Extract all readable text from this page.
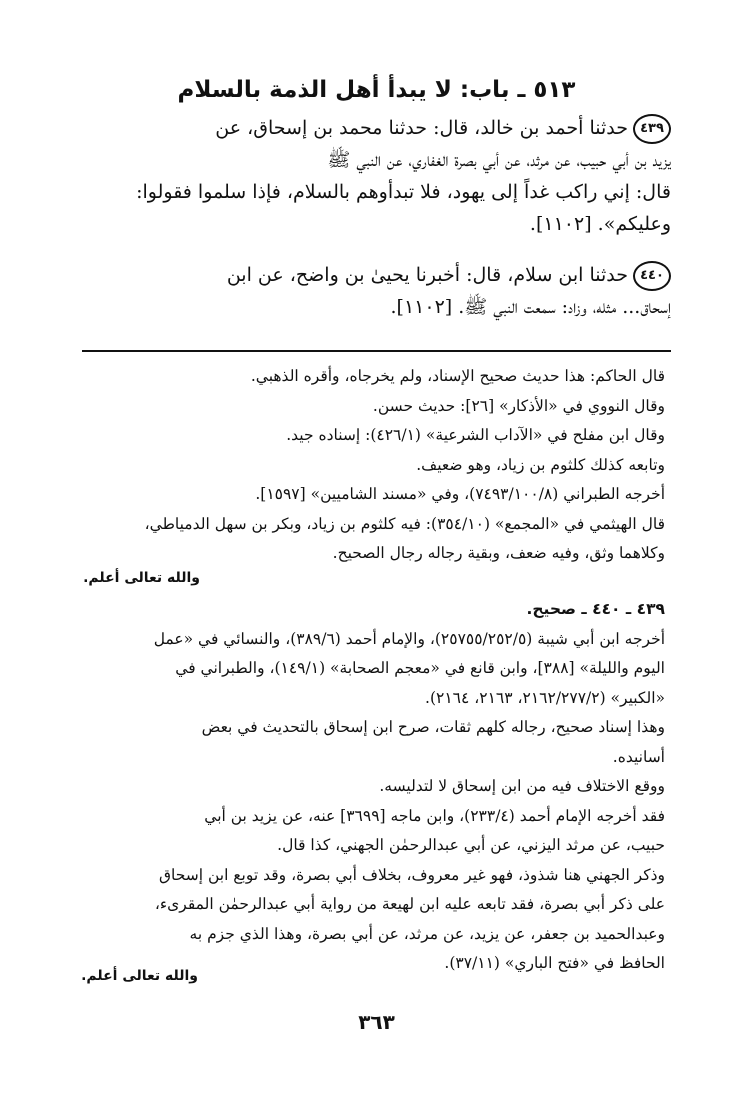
٥١٣ ـ باب: لا يبدأ أهل الذمة بالسلام
٤٣٩حدثنا أحمد بن خالد، قال: حدثنا محمد بن إسحاق، عن
يزيد بن أبي حبيب، عن مرثد، عن أبي بصرة الغفاري، عن النبي ﷺ
قال: إني راكب غداً إلى يهود، فلا تبدأوهم بالسلام، فإذا سلموا فقولوا:
وعليكم». [١١٠٢].
٤٤٠حدثنا ابن سلام، قال: أخبرنا يحيىٰ بن واضح، عن ابن
إسحاق... مثله، وزاد: سمعت النبي ﷺ. [١١٠٢].
قال الحاكم: هذا حديث صحيح الإسناد، ولم يخرجاه، وأقره الذهبي.
وقال النووي في «الأذكار» [٢٦]: حديث حسن.
وقال ابن مفلح في «الآداب الشرعية» (٤٢٦/١): إسناده جيد.
وتابعه كذلك كلثوم بن زياد، وهو ضعيف.
أخرجه الطبراني (٧٤٩٣/١٠٠/٨)، وفي «مسند الشاميين» [١٥٩٧].
قال الهيثمي في «المجمع» (٣٥٤/١٠): فيه كلثوم بن زياد، وبكر بن سهل الدمياطي،
وكلاهما وثق، وفيه ضعف، وبقية رجاله رجال الصحيح.
والله تعالى أعلم.
٤٣٩ ـ ٤٤٠ ـ صحيح.
أخرجه ابن أبي شيبة (٢٥٧٥٥/٢٥٢/٥)، والإمام أحمد (٣٨٩/٦)، والنسائي في «عمل
اليوم والليلة» [٣٨٨]، وابن قانع في «معجم الصحابة» (١٤٩/١)، والطبراني في
«الكبير» (٢١٦٢/٢٧٧/٢، ٢١٦٣، ٢١٦٤).
وهذا إسناد صحيح، رجاله كلهم ثقات، صرح ابن إسحاق بالتحديث في بعض
أسانيده.
ووقع الاختلاف فيه من ابن إسحاق لا لتدليسه.
فقد أخرجه الإمام أحمد (٢٣٣/٤)، وابن ماجه [٣٦٩٩] عنه، عن يزيد بن أبي
حبيب، عن مرثد اليزني، عن أبي عبدالرحمٰن الجهني، كذا قال.
وذكر الجهني هنا شذوذ، فهو غير معروف، بخلاف أبي بصرة، وقد توبع ابن إسحاق
على ذكر أبي بصرة، فقد تابعه عليه ابن لهيعة من رواية أبي عبدالرحمٰن المقرىء،
وعبدالحميد بن جعفر، عن يزيد، عن مرثد، عن أبي بصرة، وهذا الذي جزم به
الحافظ في «فتح الباري» (٣٧/١١).
والله تعالى أعلم.
٣٦٣
